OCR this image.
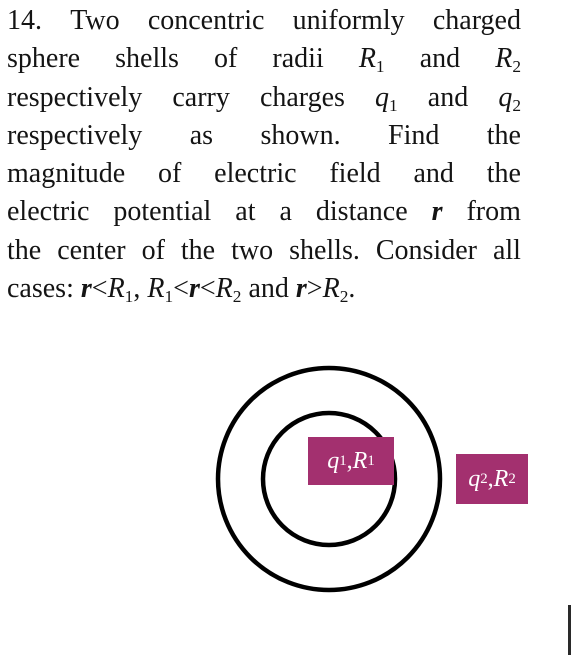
14. Two concentric uniformly charged
sphere shells of radii $R_1$ and $R_2$
respectively carry charges $q_1$ and $q_2$
respectively as shown. Find the
magnitude of electric field and the
electric potential at a distance r from
the center of the two shells. Consider all
cases:
$r<R_1$,
$R_1<r<R_2$
and
$r>R_2$.
q 1 , R 1
q 2 , R 2
